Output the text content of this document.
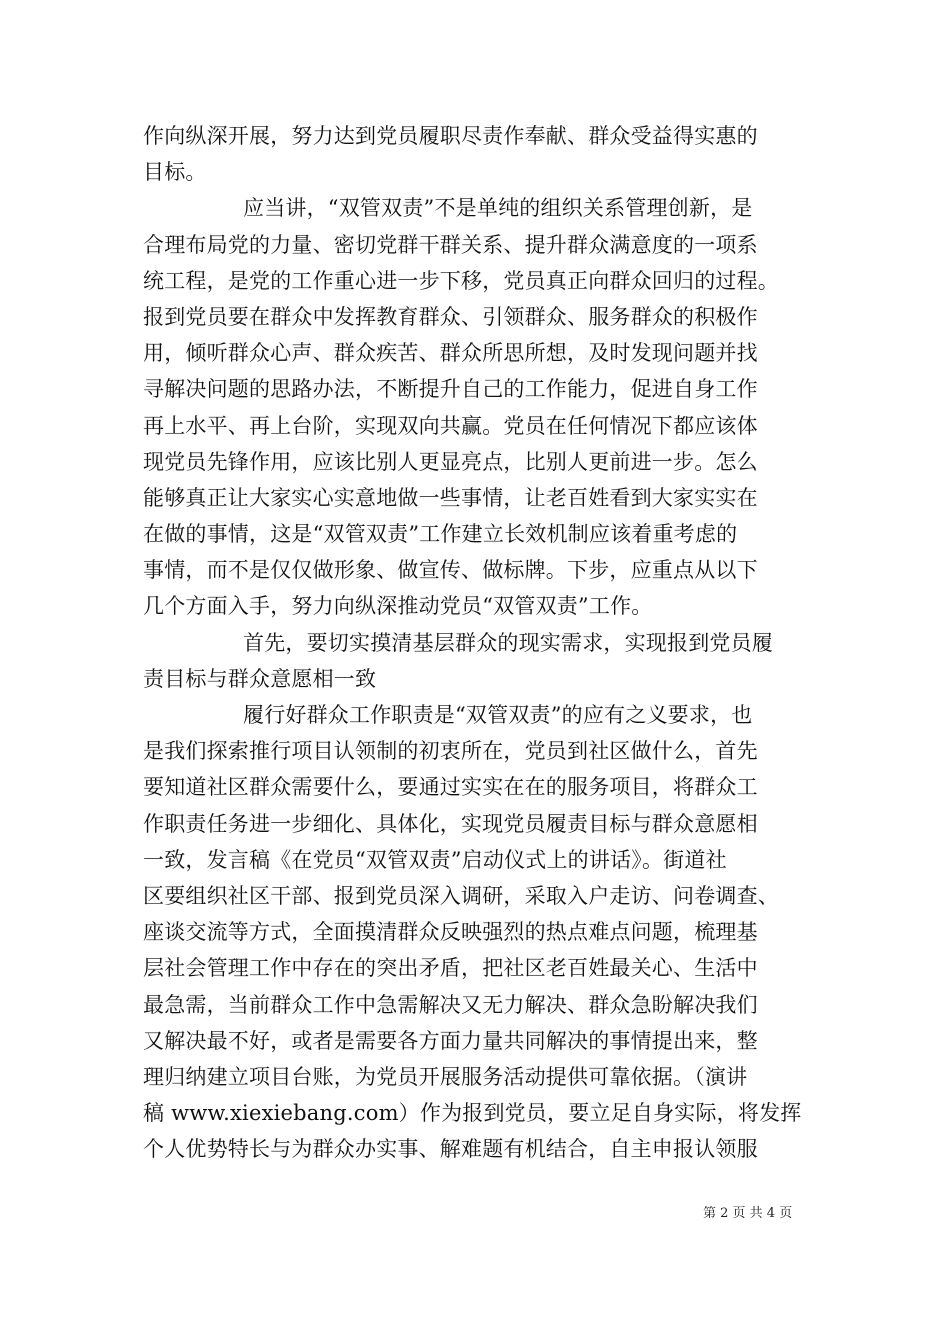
作向纵深开展，努力达到党员履职尽责作奉献、群众受益得实惠的
目标。
应当讲，“双管双责”不是单纯的组织关系管理创新，是
合理布局党的力量、密切党群干群关系、提升群众满意度的一项系
统工程，是党的工作重心进一步下移，党员真正向群众回归的过程。
报到党员要在群众中发挥教育群众、引领群众、服务群众的积极作
用，倾听群众心声、群众疾苦、群众所思所想，及时发现问题并找
寻解决问题的思路办法，不断提升自己的工作能力，促进自身工作
再上水平、再上台阶，实现双向共赢。党员在任何情况下都应该体
现党员先锋作用，应该比别人更显亮点，比别人更前进一步。怎么
能够真正让大家实心实意地做一些事情，让老百姓看到大家实实在
在做的事情，这是“双管双责”工作建立长效机制应该着重考虑的
事情，而不是仅仅做形象、做宣传、做标牌。下步，应重点从以下
几个方面入手，努力向纵深推动党员“双管双责”工作。
首先，要切实摸清基层群众的现实需求，实现报到党员履
责目标与群众意愿相一致
履行好群众工作职责是“双管双责”的应有之义要求，也
是我们探索推行项目认领制的初衷所在，党员到社区做什么，首先
要知道社区群众需要什么，要通过实实在在的服务项目，将群众工
作职责任务进一步细化、具体化，实现党员履责目标与群众意愿相
一致，发言稿《在党员“双管双责”启动仪式上的讲话》。街道社
区要组织社区干部、报到党员深入调研，采取入户走访、问卷调查、
座谈交流等方式，全面摸清群众反映强烈的热点难点问题，梳理基
层社会管理工作中存在的突出矛盾，把社区老百姓最关心、生活中
最急需，当前群众工作中急需解决又无力解决、群众急盼解决我们
又解决最不好，或者是需要各方面力量共同解决的事情提出来，整
理归纳建立项目台账，为党员开展服务活动提供可靠依据。（演讲
稿 www.xiexiebang.com）作为报到党员，要立足自身实际，将发挥
个人优势特长与为群众办实事、解难题有机结合，自主申报认领服
第 2 页 共 4 页
